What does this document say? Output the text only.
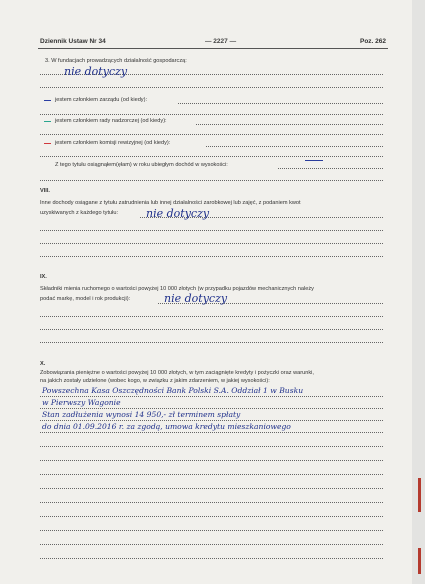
Dziennik Ustaw Nr 34	— 2227 —	Poz. 262
3. W fundacjach prowadzących działalność gospodarczą:
nie dotyczy
jestem członkiem zarządu (od kiedy):
jestem członkiem rady nadzorczej (od kiedy):
jestem członkiem komisji rewizyjnej (od kiedy):
Z tego tytułu osiągnąłem(ęłam) w roku ubiegłym dochód w wysokości:
VIII.
Inne dochody osiągane z tytułu zatrudnienia lub innej działalności zarobkowej lub zajęć, z podaniem kwot
uzyskiwanych z każdego tytułu:	nie dotyczy
IX.
Składniki mienia ruchomego o wartości powyżej 10 000 złotych (w przypadku pojazdów mechanicznych należy
podać markę, model i rok produkcji):	nie dotyczy
X.
Zobowiązania pieniężne o wartości powyżej 10 000 złotych, w tym zaciągnięte kredyty i pożyczki oraz warunki,
na jakich zostały udzielone (wobec kogo, w związku z jakim zdarzeniem, w jakiej wysokości):
Powszechna Kasa Oszczędności Bank Polski S.A. Oddział 1 w Busku
w Pierwszy Wagonie
Stan zadłużenia wynosi 14 950,- zł terminem spłaty
do dnia 01.09.2016 r. za zgodą, umowa kredytu mieszkaniowego
